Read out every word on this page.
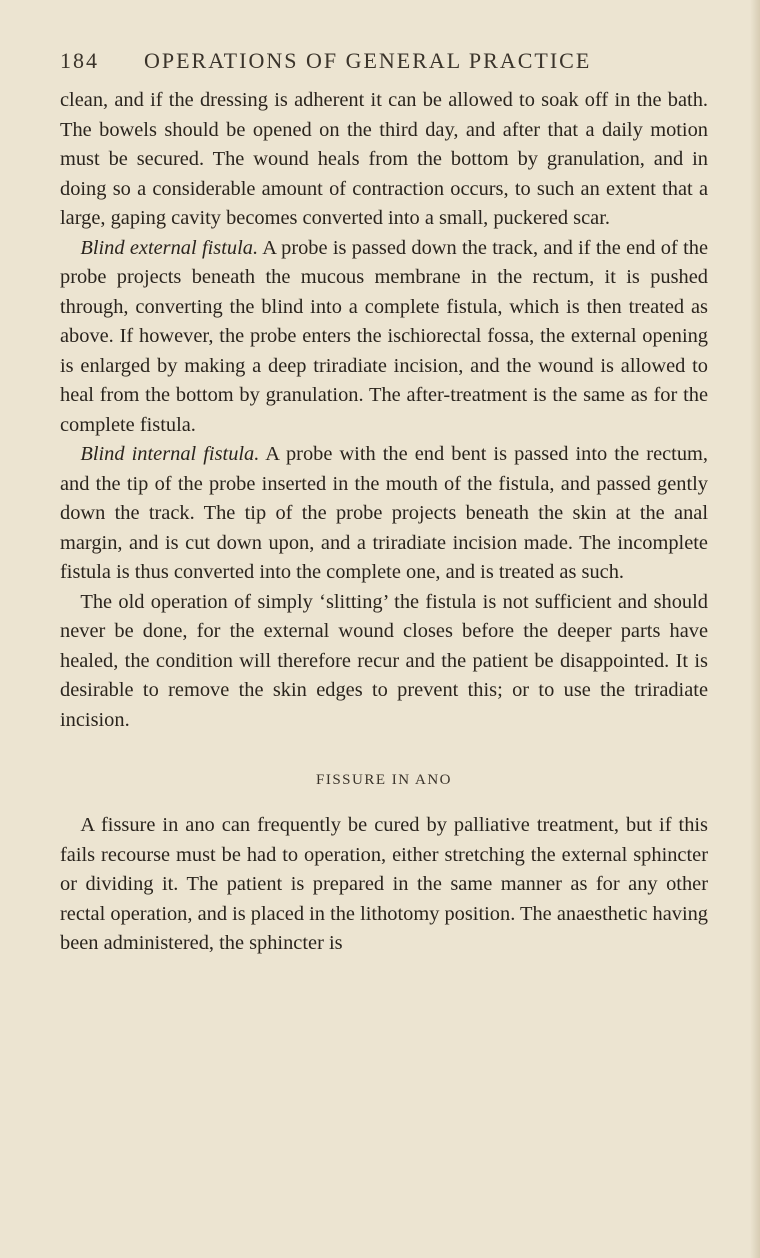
184	OPERATIONS OF GENERAL PRACTICE

clean, and if the dressing is adherent it can be allowed to soak off in the bath. The bowels should be opened on the third day, and after that a daily motion must be secured. The wound heals from the bottom by granulation, and in doing so a considerable amount of contraction occurs, to such an extent that a large, gaping cavity becomes converted into a small, puckered scar.

Blind external fistula. A probe is passed down the track, and if the end of the probe projects beneath the mucous membrane in the rectum, it is pushed through, converting the blind into a complete fistula, which is then treated as above. If however, the probe enters the ischiorectal fossa, the external opening is enlarged by making a deep triradiate incision, and the wound is allowed to heal from the bottom by granulation. The after-treatment is the same as for the complete fistula.

Blind internal fistula. A probe with the end bent is passed into the rectum, and the tip of the probe inserted in the mouth of the fistula, and passed gently down the track. The tip of the probe projects beneath the skin at the anal margin, and is cut down upon, and a triradiate incision made. The incomplete fistula is thus converted into the complete one, and is treated as such.

The old operation of simply ‘slitting’ the fistula is not sufficient and should never be done, for the external wound closes before the deeper parts have healed, the condition will therefore recur and the patient be disappointed. It is desirable to remove the skin edges to prevent this; or to use the triradiate incision.

FISSURE IN ANO

A fissure in ano can frequently be cured by palliative treatment, but if this fails recourse must be had to operation, either stretching the external sphincter or dividing it. The patient is prepared in the same manner as for any other rectal operation, and is placed in the lithotomy position. The anaesthetic having been administered, the sphincter is
